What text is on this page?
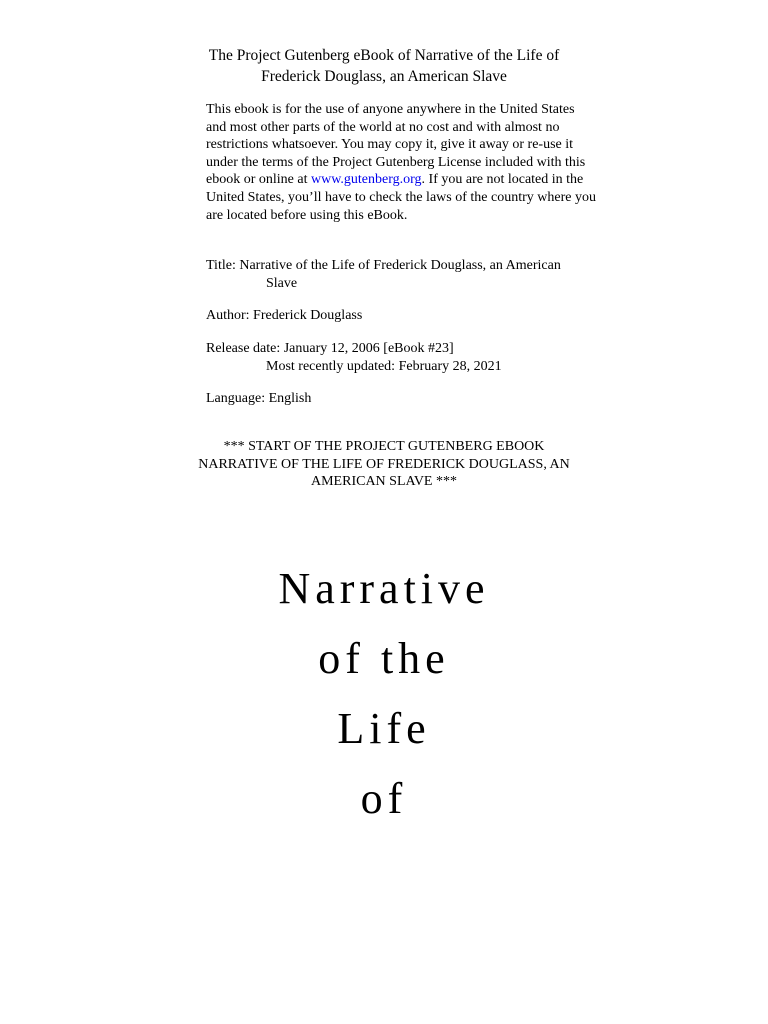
The Project Gutenberg eBook of Narrative of the Life of
Frederick Douglass, an American Slave

This ebook is for the use of anyone anywhere in the United States and most other parts of the world at no cost and with almost no restrictions whatsoever. You may copy it, give it away or re-use it under the terms of the Project Gutenberg License included with this ebook or online at www.gutenberg.org. If you are not located in the United States, you’ll have to check the laws of the country where you are located before using this eBook.

Title: Narrative of the Life of Frederick Douglass, an American
Slave
Author: Frederick Douglass
Release date: January 12, 2006 [eBook #23]
Most recently updated: February 28, 2021
Language: English
*** START OF THE PROJECT GUTENBERG EBOOK
NARRATIVE OF THE LIFE OF FREDERICK DOUGLASS, AN
AMERICAN SLAVE ***
Narrative
of the
Life
of
